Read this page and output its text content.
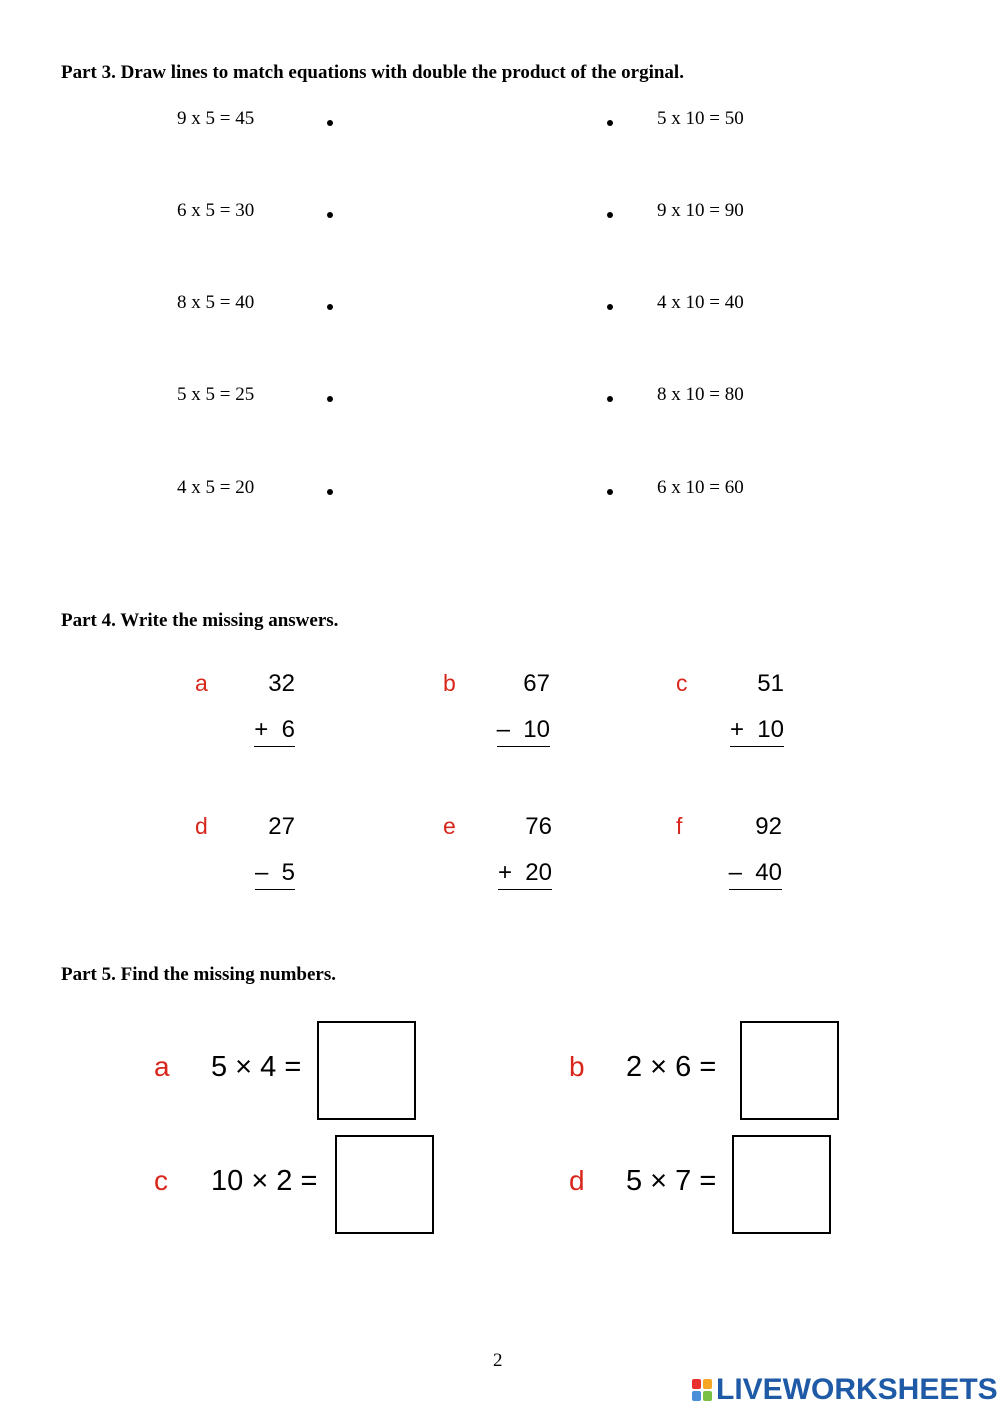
Part 3. Draw lines to match equations with double the product of the orginal.
9 x 5 = 45	5 x 10 = 50
6 x 5 = 30	9 x 10 = 90
8 x 5 = 40	4 x 10 = 40
5 x 5 = 25	8 x 10 = 80
4 x 5 = 20	6 x 10 = 60
Part 4. Write the missing answers.
a	32
+  6
b	67
–  10
c	51
+  10
d	27
–  5
e	76
+  20
f	92
–  40
Part 5. Find the missing numbers.
a 5 × 4 =	b 2 × 6 =
c 10 × 2 =	d 5 × 7 =
2
LIVEWORKSHEETS
